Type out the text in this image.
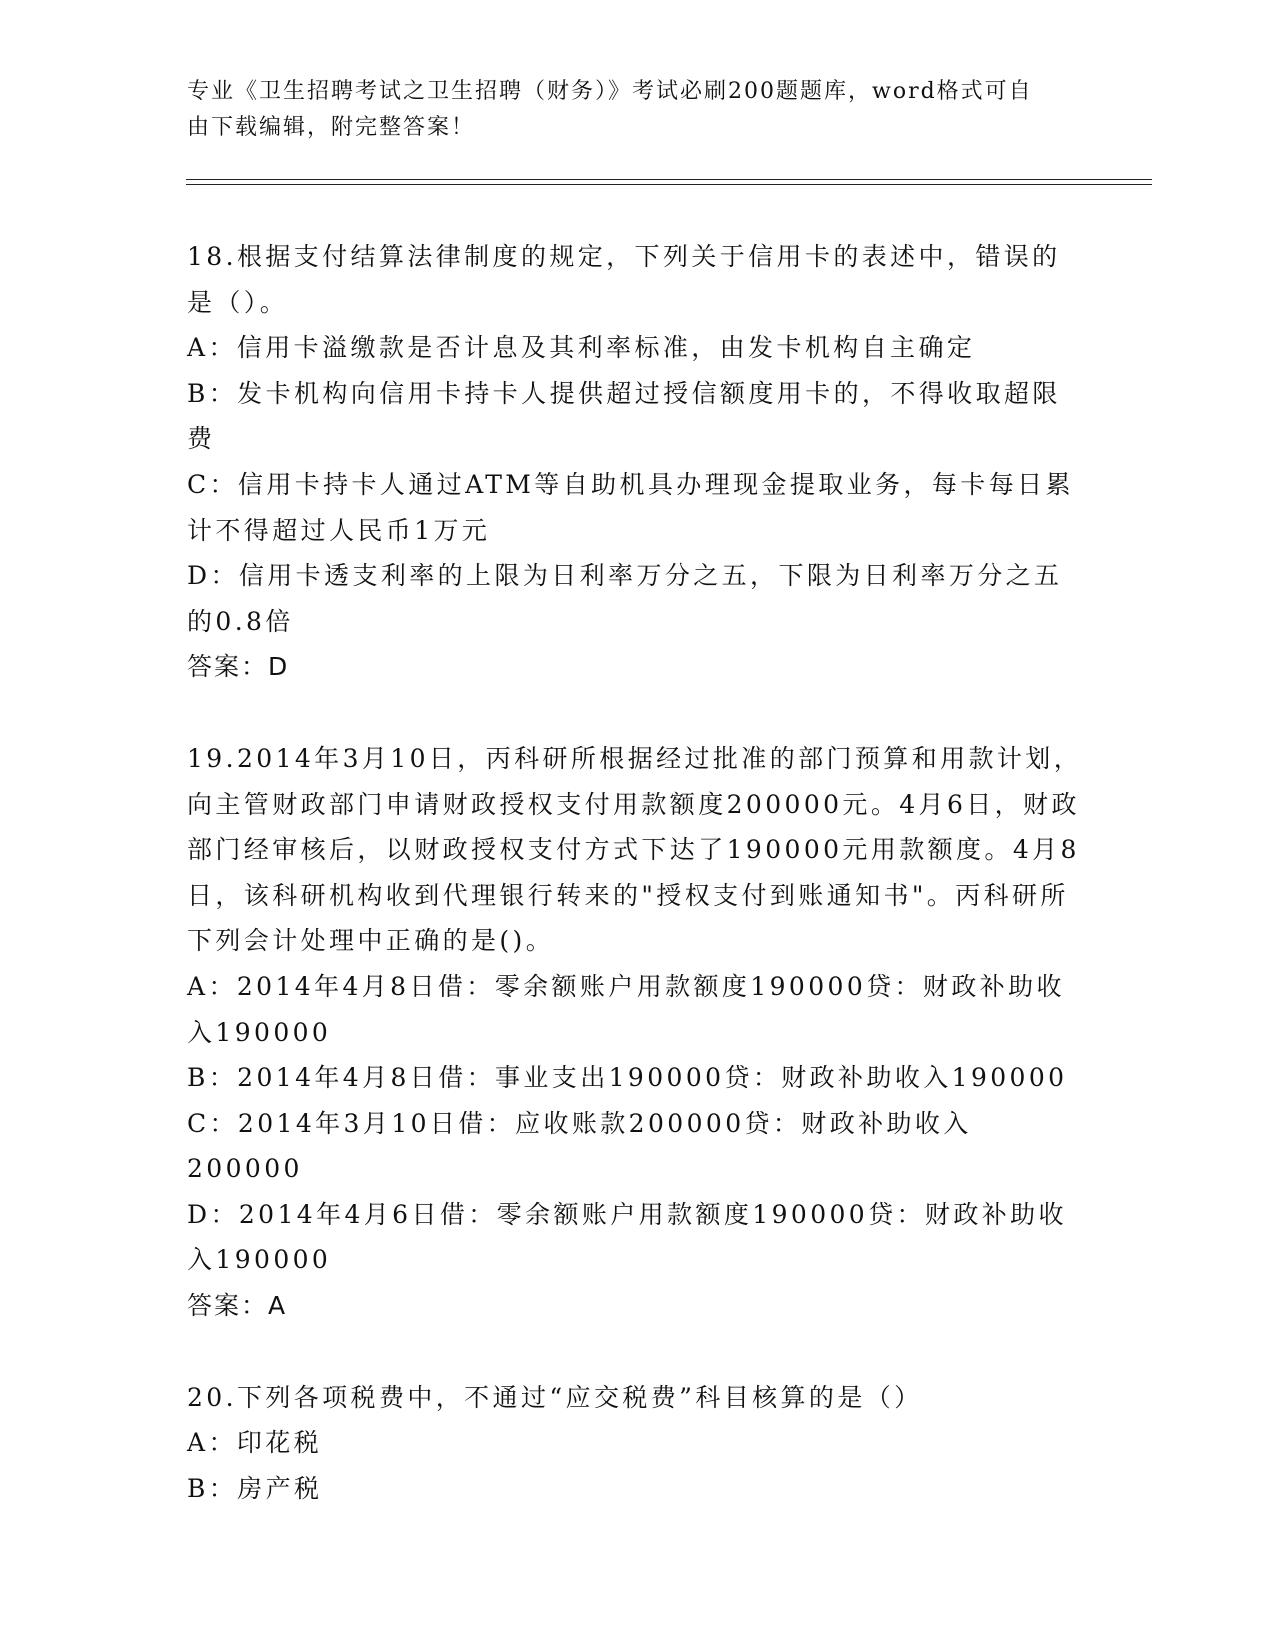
专业《卫生招聘考试之卫生招聘（财务）》考试必刷200题题库，word格式可自
由下载编辑，附完整答案！

18.根据支付结算法律制度的规定，下列关于信用卡的表述中，错误的是（）。

A：信用卡溢缴款是否计息及其利率标准，由发卡机构自主确定

B：发卡机构向信用卡持卡人提供超过授信额度用卡的，不得收取超限费

C：信用卡持卡人通过ATM等自助机具办理现金提取业务，每卡每日累计不得超过人民币1万元

D：信用卡透支利率的上限为日利率万分之五，下限为日利率万分之五的0.8倍

答案：D

19.2014年3月10日，丙科研所根据经过批准的部门预算和用款计划，向主管财政部门申请财政授权支付用款额度200000元。4月6日，财政部门经审核后，以财政授权支付方式下达了190000元用款额度。4月8日，该科研机构收到代理银行转来的"授权支付到账通知书"。丙科研所下列会计处理中正确的是()。

A：2014年4月8日借：零余额账户用款额度190000贷：财政补助收入190000

B：2014年4月8日借：事业支出190000贷：财政补助收入190000

C：2014年3月10日借：应收账款200000贷：财政补助收入200000

D：2014年4月6日借：零余额账户用款额度190000贷：财政补助收入190000

答案：A

20.下列各项税费中，不通过“应交税费”科目核算的是（）

A：印花税

B：房产税
